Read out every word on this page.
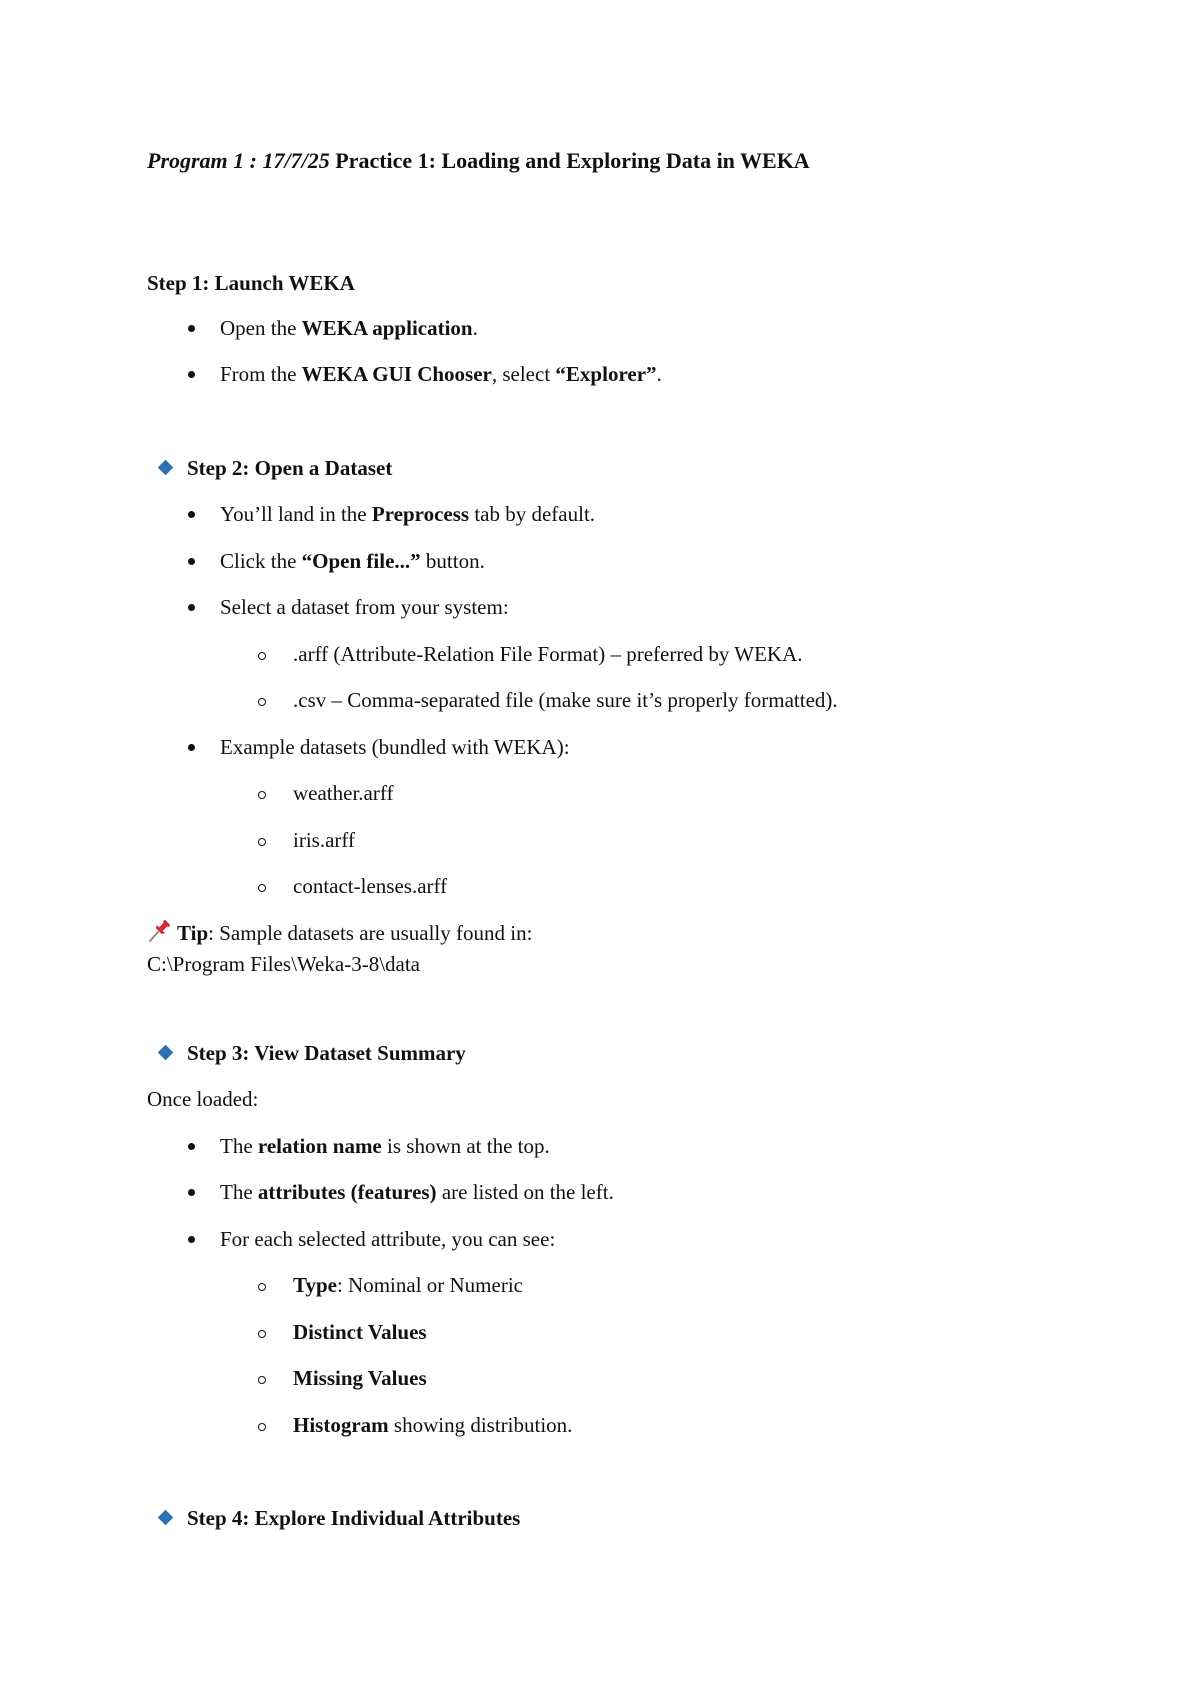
Program 1 : 17/7/25 Practice 1: Loading and Exploring Data in WEKA
Step 1: Launch WEKA
Open the WEKA application.
From the WEKA GUI Chooser, select “Explorer”.
Step 2: Open a Dataset
You’ll land in the Preprocess tab by default.
Click the “Open file...” button.
Select a dataset from your system:
.arff (Attribute-Relation File Format) – preferred by WEKA.
.csv – Comma-separated file (make sure it’s properly formatted).
Example datasets (bundled with WEKA):
weather.arff
iris.arff
contact-lenses.arff
Tip: Sample datasets are usually found in:
C:\Program Files\Weka-3-8\data
Step 3: View Dataset Summary
Once loaded:
The relation name is shown at the top.
The attributes (features) are listed on the left.
For each selected attribute, you can see:
Type: Nominal or Numeric
Distinct Values
Missing Values
Histogram showing distribution.
Step 4: Explore Individual Attributes
